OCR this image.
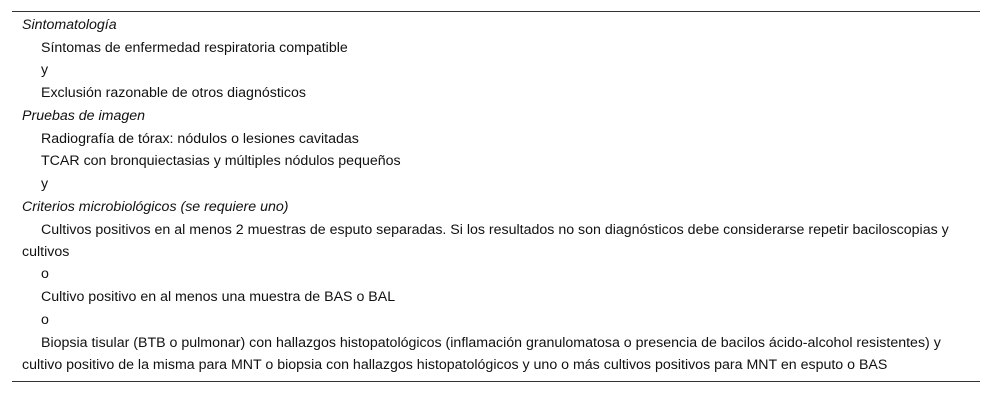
Sintomatología
Síntomas de enfermedad respiratoria compatible
y
Exclusión razonable de otros diagnósticos
Pruebas de imagen
Radiografía de tórax: nódulos o lesiones cavitadas
TCAR con bronquiectasias y múltiples nódulos pequeños
y
Criterios microbiológicos (se requiere uno)
Cultivos positivos en al menos 2 muestras de esputo separadas. Si los resultados no son diagnósticos debe considerarse repetir baciloscopias y cultivos
o
Cultivo positivo en al menos una muestra de BAS o BAL
o
Biopsia tisular (BTB o pulmonar) con hallazgos histopatológicos (inflamación granulomatosa o presencia de bacilos ácido-alcohol resistentes) y cultivo positivo de la misma para MNT o biopsia con hallazgos histopatológicos y uno o más cultivos positivos para MNT en esputo o BAS
